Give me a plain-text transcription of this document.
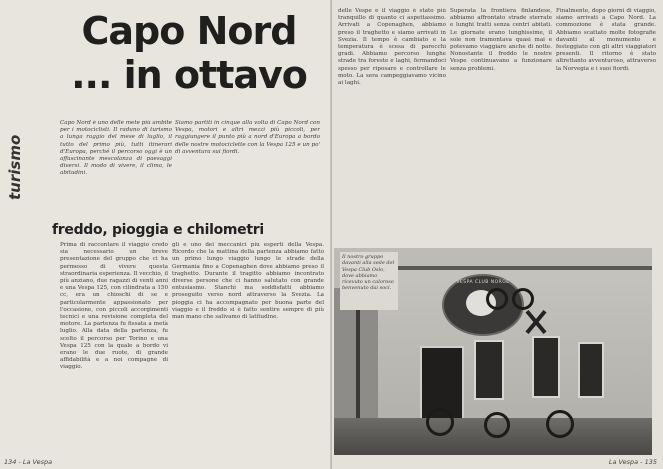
Capo Nord
... in ottavo
turismo
Capo Nord è uno delle mete più ambite per i motociclisti. Il raduno di turismo a lunga raggio del mese di luglio, il tutto del primo più, tutti itinerari d'Europa, perché il percorso oggi è un affascinante mescolanza di paesaggi diversi. Il modo di vivere, il clima, le abitudini.
Siamo partiti in cinque alla volta di Capo Nord con Vespa, motori e altri mezzi più piccoli, per raggiungere il punto più a nord d'Europa a bordo delle nostre motociclette con la Vespa 125 e un po' di avventura sui fiordi.
freddo, pioggia e chilometri
Prima di raccontare il viaggio credo sia necessario un breve presentazione del gruppo che ci ha permesso di vivere questa straordinaria esperienza. Il vecchio, il più anziano, due ragazzi di venti anni e una Vespa 125, con cilindrata a 150 cc, era un chioschi di se e particolarmente appassionato per l'occasione, con piccoli accorgimenti tecnici e una revisione completa del motore. La partenza fu fissata a metà luglio. Alla data della partenza, fu scelto il percorso per Torino e una Vespa 125 con la quale a bordo vi erano le due ruote, di grande affidabilità e a noi compagne di viaggio.
gli e uno dei meccanici più esperti della Vespa. Ricordo che la mattina della partenza abbiamo fatto un primo lungo viaggio lungo le strade della Germania fino a Copenaghen dove abbiamo preso il traghetto. Durante il tragitto abbiamo incontrato diverse persone che ci hanno salutato con grande entusiasmo. Stanchi ma soddisfatti abbiamo proseguito verso nord attraverso la Svezia. La pioggia ci ha accompagnato per buona parte del viaggio e il freddo si è fatto sentire sempre di più man mano che salivamo di latitudine.
134 - La Vespa
delle Vespe e il viaggio è stato più tranquillo di quanto ci aspettassimo. Arrivati a Copenaghen, abbiamo preso il traghetto e siamo arrivati in Svezia. Il tempo è cambiato e la temperatura è scesa di parecchi gradi. Abbiamo percorso lunghe strade tra foreste e laghi, fermandoci spesso per riposare e controllare le moto. La sera campeggiavamo vicino ai laghi.
Superata la frontiera finlandese, abbiamo affrontato strade sterrate e lunghi tratti senza centri abitati. Le giornate erano lunghissime, il sole non tramontava quasi mai e potevamo viaggiare anche di notte. Nonostante il freddo le nostre Vespe continuavano a funzionare senza problemi.
Finalmente, dopo giorni di viaggio, siamo arrivati a Capo Nord. La commozione è stata grande. Abbiamo scattato molte fotografie davanti al monumento e festeggiato con gli altri viaggiatori presenti. Il ritorno è stato altrettanto avventuroso, attraverso la Norvegia e i suoi fiordi.
VESPA CLUB NORGE
Il nostro gruppo davanti alla sede del Vespa Club Oslo, dove abbiamo ricevuto un caloroso benvenuto dai soci.
La Vespa - 135
